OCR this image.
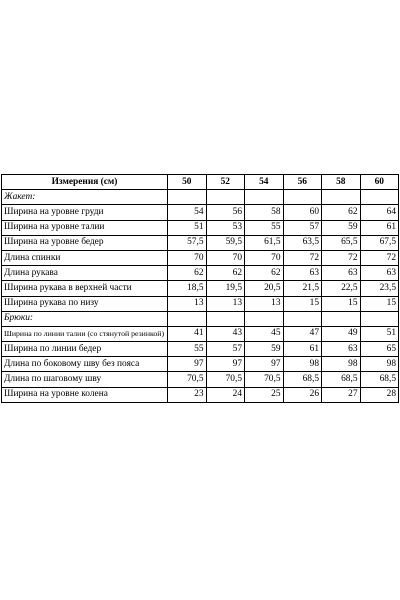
Измерения (см)	50	52	54	56	58	60
Жакет:						
Ширина на уровне груди	54	56	58	60	62	64
Ширина на уровне талии	51	53	55	57	59	61
Ширина на уровне бедер	57,5	59,5	61,5	63,5	65,5	67,5
Длина спинки	70	70	70	72	72	72
Длина рукава	62	62	62	63	63	63
Ширина рукава в верхней части	18,5	19,5	20,5	21,5	22,5	23,5
Ширина рукава по низу	13	13	13	15	15	15
Брюки:						
Ширина по линии талии (со стянутой резинкой)	41	43	45	47	49	51
Ширина по линии бедер	55	57	59	61	63	65
Длина по боковому шву без пояса	97	97	97	98	98	98
Длина по шаговому шву	70,5	70,5	70,5	68,5	68,5	68,5
Ширина на уровне колена	23	24	25	26	27	28
